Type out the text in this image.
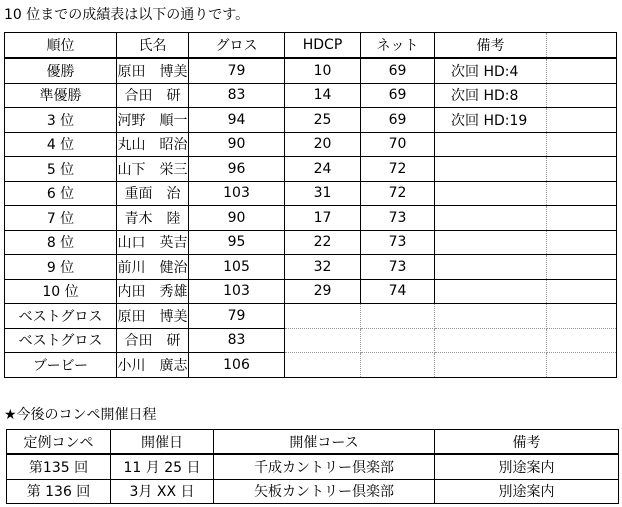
10 位までの成績表は以下の通りです。
順位	氏名	グロス	HDCP	ネット	備考	
優勝	原田　博美	79	10	69	次回 HD:4	
準優勝	合田　研	83	14	69	次回 HD:8	
3 位	河野　順一	94	25	69	次回 HD:19	
4 位	丸山　昭治	90	20	70		
5 位	山下　栄三	96	24	72		
6 位	重面　治	103	31	72		
7 位	青木　陸	90	17	73		
8 位	山口　英吉	95	22	73		
9 位	前川　健治	105	32	73		
10 位	内田　秀雄	103	29	74		
ベストグロス	原田　博美	79				
ベストグロス	合田　研	83				
ブービー	小川　廣志	106				
★今後のコンペ開催日程
定例コンペ	開催日	開催コース	備考
第135 回	11 月 25 日	千成カントリー倶楽部	別途案内
第 136 回	3月 XX 日	矢板カントリー倶楽部	別途案内
